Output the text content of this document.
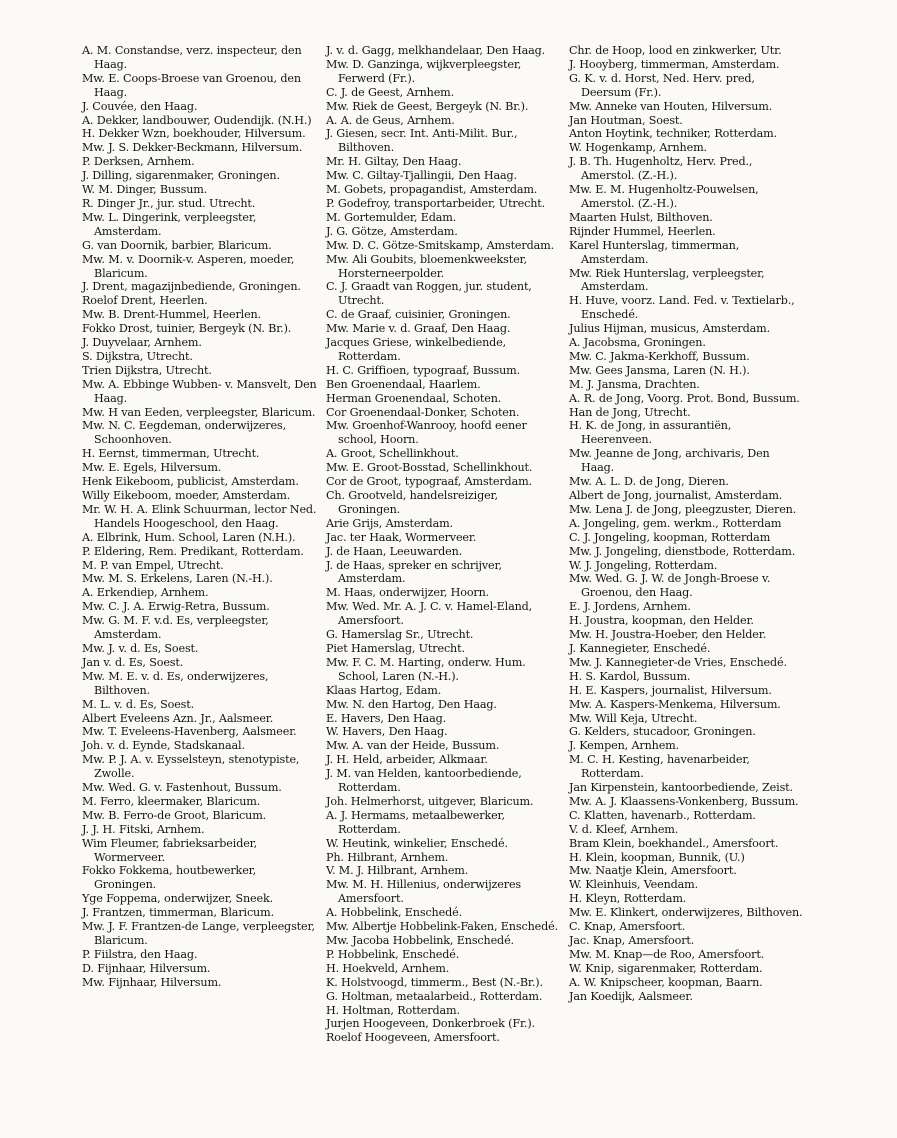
A. M. Constandse, verz. inspecteur, den Haag.
Mw. E. Coops-Broese van Groenou, den Haag.
J. Couvée, den Haag.
A. Dekker, landbouwer, Oudendijk. (N.H.)
H. Dekker Wzn, boekhouder, Hilversum.
Mw. J. S. Dekker-Beckmann, Hilversum.
P. Derksen, Arnhem.
J. Dilling, sigarenmaker, Groningen.
W. M. Dinger, Bussum.
R. Dinger Jr., jur. stud. Utrecht.
Mw. L. Dingerink, verpleegster, Amsterdam.
G. van Doornik, barbier, Blaricum.
Mw. M. v. Doornik-v. Asperen, moeder, Blaricum.
J. Drent, magazijnbediende, Groningen.
Roelof Drent, Heerlen.
Mw. B. Drent-Hummel, Heerlen.
Fokko Drost, tuinier, Bergeyk (N. Br.).
J. Duyvelaar, Arnhem.
S. Dijkstra, Utrecht.
Trien Dijkstra, Utrecht.
Mw. A. Ebbinge Wubben- v. Mansvelt, Den Haag.
Mw. H van Eeden, verpleegster, Blaricum.
Mw. N. C. Eegdeman, onderwijzeres, Schoonhoven.
H. Eernst, timmerman, Utrecht.
Mw. E. Egels, Hilversum.
Henk Eikeboom, publicist, Amsterdam.
Willy Eikeboom, moeder, Amsterdam.
Mr. W. H. A. Elink Schuurman, lector Ned. Handels Hoogeschool, den Haag.
A. Elbrink, Hum. School, Laren (N.H.).
P. Eldering, Rem. Predikant, Rotterdam.
M. P. van Empel, Utrecht.
Mw. M. S. Erkelens, Laren (N.-H.).
A. Erkendiep, Arnhem.
Mw. C. J. A. Erwig-Retra, Bussum.
Mw. G. M. F. v.d. Es, verpleegster, Amsterdam.
Mw. J. v. d. Es, Soest.
Jan v. d. Es, Soest.
Mw. M. E. v. d. Es, onderwijzeres, Bilthoven.
M. L. v. d. Es, Soest.
Albert Eveleens Azn. Jr., Aalsmeer.
Mw. T. Eveleens-Havenberg, Aalsmeer.
Joh. v. d. Eynde, Stadskanaal.
Mw. P. J. A. v. Eysselsteyn, stenotypiste, Zwolle.
Mw. Wed. G. v. Fastenhout, Bussum.
M. Ferro, kleermaker, Blaricum.
Mw. B. Ferro-de Groot, Blaricum.
J. J. H. Fitski, Arnhem.
Wim Fleumer, fabrieksarbeider, Wormerveer.
Fokko Fokkema, houtbewerker, Groningen.
Yge Foppema, onderwijzer, Sneek.
J. Frantzen, timmerman, Blaricum.
Mw. J. F. Frantzen-de Lange, verpleegster, Blaricum.
P. Fiilstra, den Haag.
D. Fijnhaar, Hilversum.
Mw. Fijnhaar, Hilversum.
J. v. d. Gagg, melkhandelaar, Den Haag.
Mw. D. Ganzinga, wijkverpleegster, Ferwerd (Fr.).
C. J. de Geest, Arnhem.
Mw. Riek de Geest, Bergeyk (N. Br.).
A. A. de Geus, Arnhem.
J. Giesen, secr. Int. Anti-Milit. Bur., Bilthoven.
Mr. H. Giltay, Den Haag.
Mw. C. Giltay-Tjallingii, Den Haag.
M. Gobets, propagandist, Amsterdam.
P. Godefroy, transportarbeider, Utrecht.
M. Gortemulder, Edam.
J. G. Götze, Amsterdam.
Mw. D. C. Götze-Smitskamp, Amsterdam.
Mw. Ali Goubits, bloemenkweekster, Horsterneerpolder.
C. J. Graadt van Roggen, jur. student, Utrecht.
C. de Graaf, cuisinier, Groningen.
Mw. Marie v. d. Graaf, Den Haag.
Jacques Griese, winkelbediende, Rotterdam.
H. C. Griffioen, typograaf, Bussum.
Ben Groenendaal, Haarlem.
Herman Groenendaal, Schoten.
Cor Groenendaal-Donker, Schoten.
Mw. Groenhof-Wanrooy, hoofd eener school, Hoorn.
A. Groot, Schellinkhout.
Mw. E. Groot-Bosstad, Schellinkhout.
Cor de Groot, typograaf, Amsterdam.
Ch. Grootveld, handelsreiziger, Groningen.
Arie Grijs, Amsterdam.
Jac. ter Haak, Wormerveer.
J. de Haan, Leeuwarden.
J. de Haas, spreker en schrijver, Amsterdam.
M. Haas, onderwijzer, Hoorn.
Mw. Wed. Mr. A. J. C. v. Hamel-Eland, Amersfoort.
G. Hamerslag Sr., Utrecht.
Piet Hamerslag, Utrecht.
Mw. F. C. M. Harting, onderw. Hum. School, Laren (N.-H.).
Klaas Hartog, Edam.
Mw. N. den Hartog, Den Haag.
E. Havers, Den Haag.
W. Havers, Den Haag.
Mw. A. van der Heide, Bussum.
J. H. Held, arbeider, Alkmaar.
J. M. van Helden, kantoorbediende, Rotterdam.
Joh. Helmerhorst, uitgever, Blaricum.
A. J. Hermams, metaalbewerker, Rotterdam.
W. Heutink, winkelier, Enschedé.
Ph. Hilbrant, Arnhem.
V. M. J. Hilbrant, Arnhem.
Mw. M. H. Hillenius, onderwijzeres Amersfoort.
A. Hobbelink, Enschedé.
Mw. Albertje Hobbelink-Faken, Enschedé.
Mw. Jacoba Hobbelink, Enschedé.
P. Hobbelink, Enschedé.
H. Hoekveld, Arnhem.
K. Holstvoogd, timmerm., Best (N.-Br.).
G. Holtman, metaalarbeid., Rotterdam.
H. Holtman, Rotterdam.
Jurjen Hoogeveen, Donkerbroek (Fr.).
Roelof Hoogeveen, Amersfoort.
Chr. de Hoop, lood en zinkwerker, Utr.
J. Hooyberg, timmerman, Amsterdam.
G. K. v. d. Horst, Ned. Herv. pred, Deersum (Fr.).
Mw. Anneke van Houten, Hilversum.
Jan Houtman, Soest.
Anton Hoytink, techniker, Rotterdam.
W. Hogenkamp, Arnhem.
J. B. Th. Hugenholtz, Herv. Pred., Amerstol. (Z.-H.).
Mw. E. M. Hugenholtz-Pouwelsen, Amerstol. (Z.-H.).
Maarten Hulst, Bilthoven.
Rijnder Hummel, Heerlen.
Karel Hunterslag, timmerman, Amsterdam.
Mw. Riek Hunterslag, verpleegster, Amsterdam.
H. Huve, voorz. Land. Fed. v. Textielarb., Enschedé.
Julius Hijman, musicus, Amsterdam.
A. Jacobsma, Groningen.
Mw. C. Jakma-Kerkhoff, Bussum.
Mw. Gees Jansma, Laren (N. H.).
M. J. Jansma, Drachten.
A. R. de Jong, Voorg. Prot. Bond, Bussum.
Han de Jong, Utrecht.
H. K. de Jong, in assurantiën, Heerenveen.
Mw. Jeanne de Jong, archivaris, Den Haag.
Mw. A. L. D. de Jong, Dieren.
Albert de Jong, journalist, Amsterdam.
Mw. Lena J. de Jong, pleegzuster, Dieren.
A. Jongeling, gem. werkm., Rotterdam
C. J. Jongeling, koopman, Rotterdam
Mw. J. Jongeling, dienstbode, Rotterdam.
W. J. Jongeling, Rotterdam.
Mw. Wed. G. J. W. de Jongh-Broese v. Groenou, den Haag.
E. J. Jordens, Arnhem.
H. Joustra, koopman, den Helder.
Mw. H. Joustra-Hoeber, den Helder.
J. Kannegieter, Enschedé.
Mw. J. Kannegieter-de Vries, Enschedé.
H. S. Kardol, Bussum.
H. E. Kaspers, journalist, Hilversum.
Mw. A. Kaspers-Menkema, Hilversum.
Mw. Will Keja, Utrecht.
G. Kelders, stucadoor, Groningen.
J. Kempen, Arnhem.
M. C. H. Kesting, havenarbeider, Rotterdam.
Jan Kirpenstein, kantoorbediende, Zeist.
Mw. A. J. Klaassens-Vonkenberg, Bussum.
C. Klatten, havenarb., Rotterdam.
V. d. Kleef, Arnhem.
Bram Klein, boekhandel., Amersfoort.
H. Klein, koopman, Bunnik, (U.)
Mw. Naatje Klein, Amersfoort.
W. Kleinhuis, Veendam.
H. Kleyn, Rotterdam.
Mw. E. Klinkert, onderwijzeres, Bilthoven.
C. Knap, Amersfoort.
Jac. Knap, Amersfoort.
Mw. M. Knap—de Roo, Amersfoort.
W. Knip, sigarenmaker, Rotterdam.
A. W. Knipscheer, koopman, Baarn.
Jan Koedijk, Aalsmeer.
